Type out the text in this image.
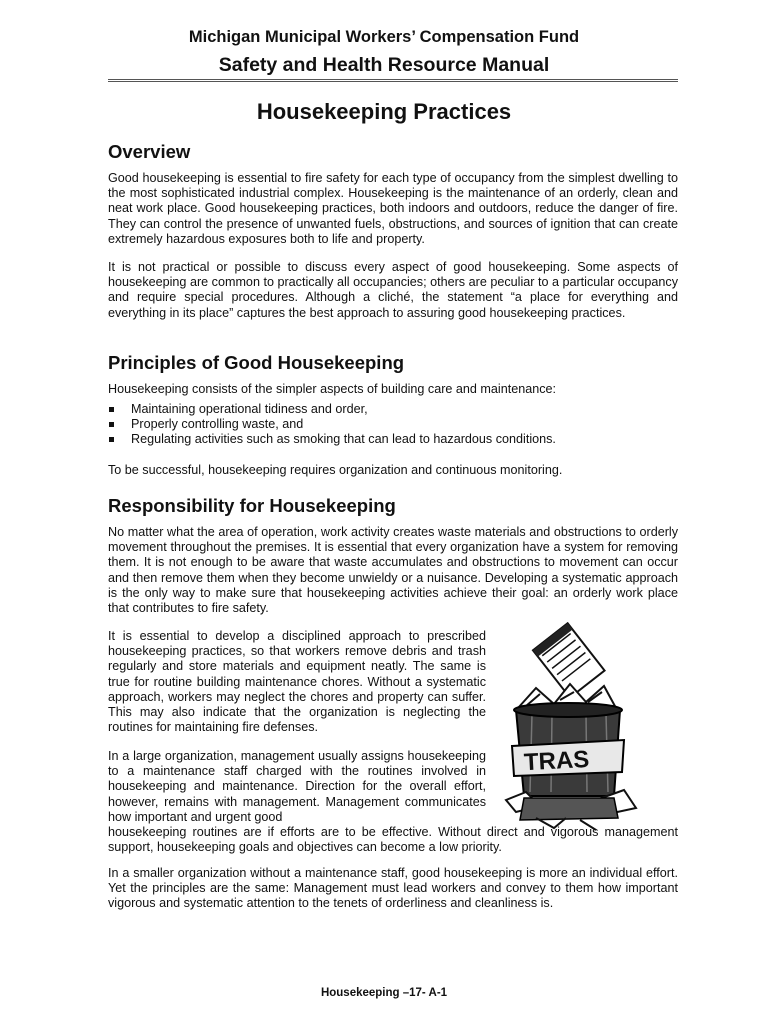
Michigan Municipal Workers’ Compensation Fund
Safety and Health Resource Manual
Housekeeping Practices
Overview

Good housekeeping is essential to fire safety for each type of occupancy from the simplest dwelling to the most sophisticated industrial complex. Housekeeping is the maintenance of an orderly, clean and neat work place. Good housekeeping practices, both indoors and outdoors, reduce the danger of fire. They can control the presence of unwanted fuels, obstructions, and sources of ignition that can create extremely hazardous exposures both to life and property.

It is not practical or possible to discuss every aspect of good housekeeping. Some aspects of housekeeping are common to practically all occupancies; others are peculiar to a particular occupancy and require special procedures. Although a cliché, the statement “a place for everything and everything in its place” captures the best approach to assuring good housekeeping practices.

Principles of Good Housekeeping

Housekeeping consists of the simpler aspects of building care and maintenance:

Maintaining operational tidiness and order,
Properly controlling waste, and
Regulating activities such as smoking that can lead to hazardous conditions.

To be successful, housekeeping requires organization and continuous monitoring.

Responsibility for Housekeeping

No matter what the area of operation, work activity creates waste materials and obstructions to orderly movement throughout the premises. It is essential that every organization have a system for removing them. It is not enough to be aware that waste accumulates and obstructions to movement can occur and then remove them when they become unwieldy or a nuisance. Developing a systematic approach is the only way to make sure that housekeeping activities achieve their goal: an orderly work place that contributes to fire safety.

It is essential to develop a disciplined approach to prescribed housekeeping practices, so that workers remove debris and trash regularly and store materials and equipment neatly. The same is true for routine building maintenance chores. Without a systematic approach, workers may neglect the chores and property can suffer. This may also indicate that the organization is neglecting the routines for maintaining fire defenses.

In a large organization, management usually assigns housekeeping to a maintenance staff charged with the routines involved in housekeeping and maintenance. Direction for the overall effort, however, remains with management. Management communicates how important and urgent good

housekeeping routines are if efforts are to be effective. Without direct and vigorous management support, housekeeping goals and objectives can become a low priority.

In a smaller organization without a maintenance staff, good housekeeping is more an individual effort. Yet the principles are the same: Management must lead workers and convey to them how important vigorous and systematic attention to the tenets of orderliness and cleanliness is.

TRAS
Housekeeping –17- A-1
